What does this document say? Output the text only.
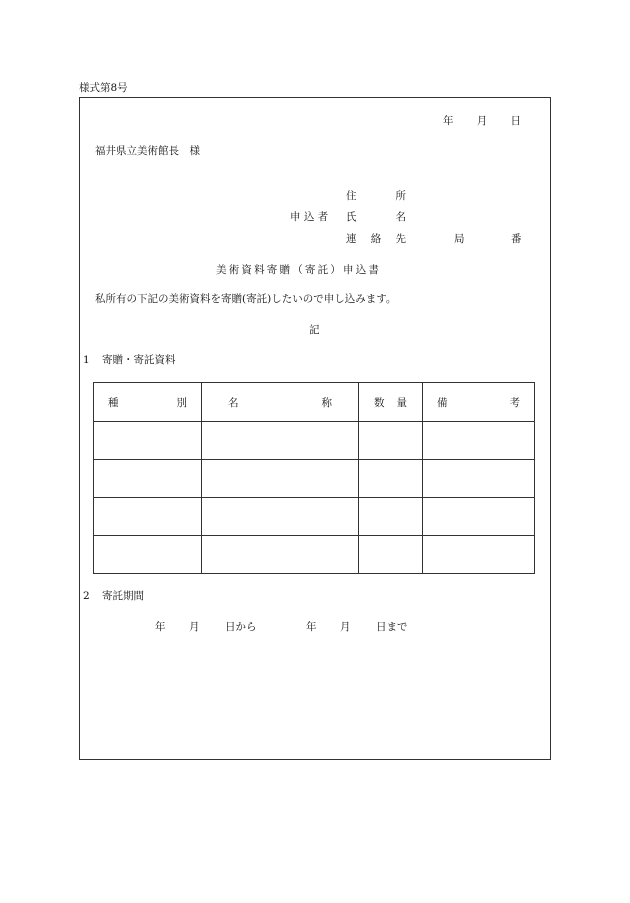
様式第8号
年 月 日
福井県立美術館長　様
住	所
申 込 者	氏	名
連 絡 先	局	番
美術資料寄贈（寄託）申込書
私所有の下記の美術資料を寄贈(寄託)したいので申し込みます。
記
1 寄贈・寄託資料
種 別	名 称	数 量	備 考

2 寄託期間
年	月	日から	年	月	日まで
